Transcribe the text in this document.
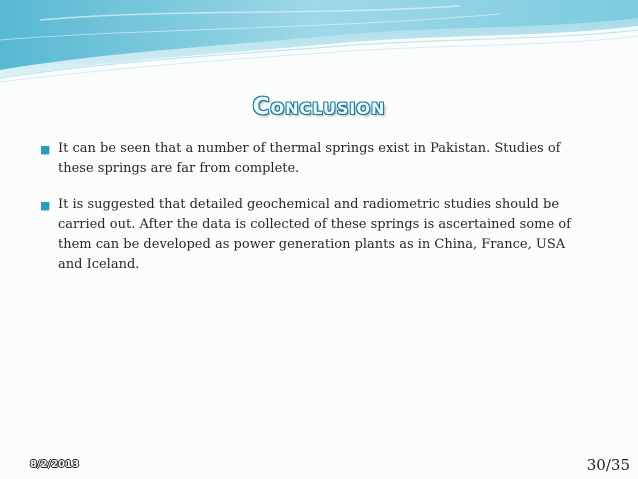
Conclusion
■ It can be seen that a number of thermal springs exist in Pakistan. Studies of these springs are far from complete.
■ It is suggested that detailed geochemical and radiometric studies should be carried out. After the data is collected of these springs is ascertained some of them can be developed as power generation plants as in China, France, USA and Iceland.
8/2/2013	30/35
